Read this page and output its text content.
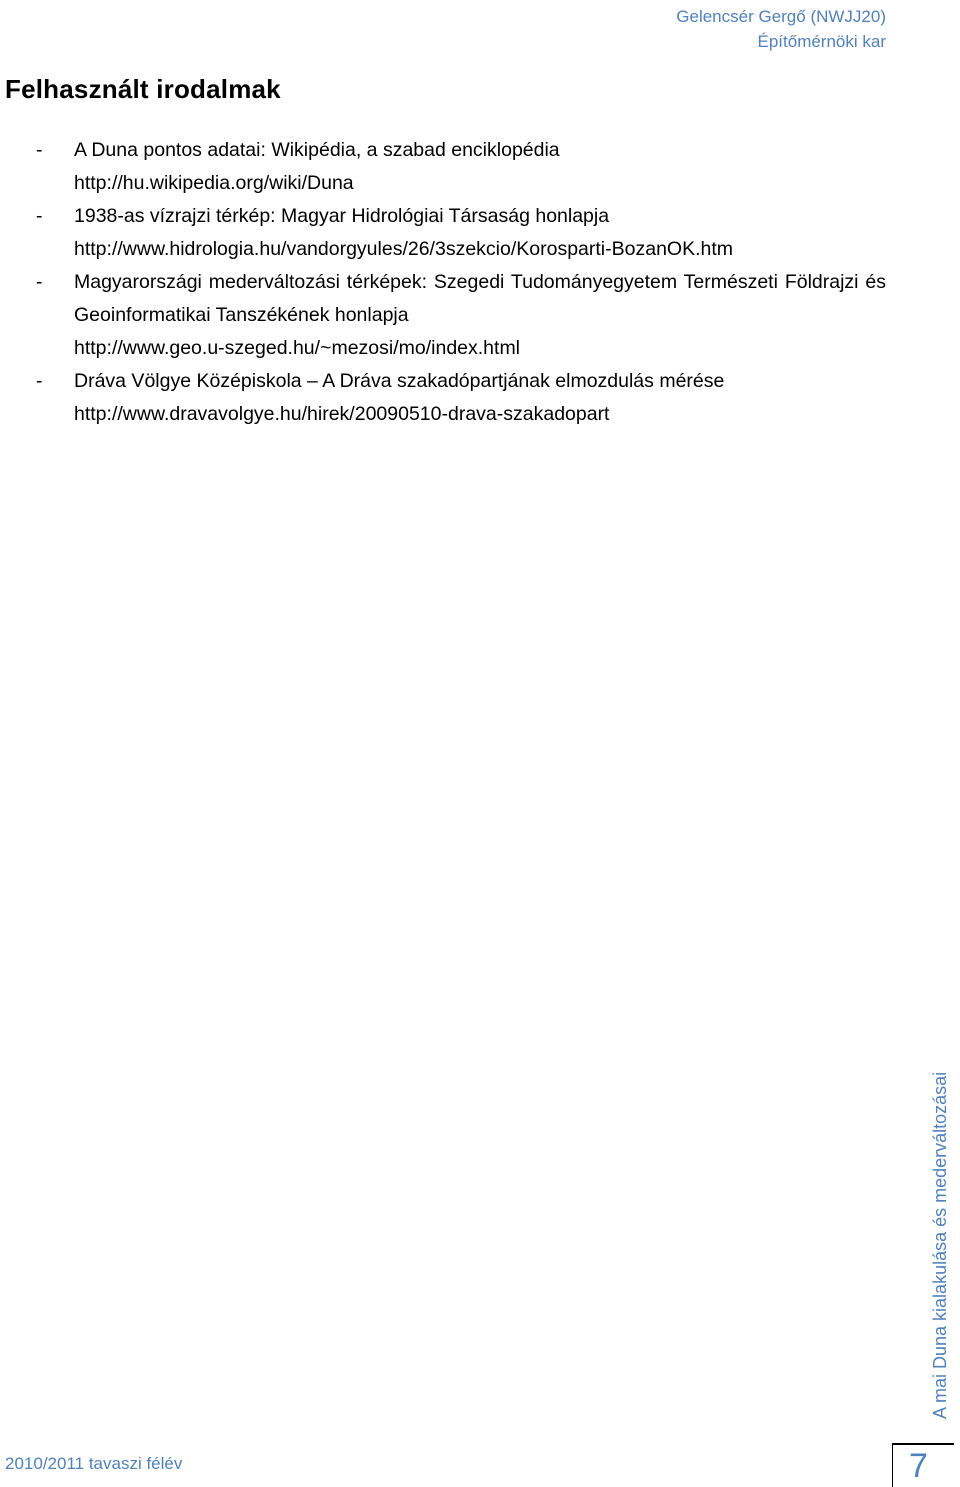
Gelencsér Gergő (NWJJ20)
Építőmérnöki kar
Felhasznált irodalmak
- A Duna pontos adatai: Wikipédia, a szabad enciklopédia
http://hu.wikipedia.org/wiki/Duna
- 1938-as vízrajzi térkép: Magyar Hidrológiai Társaság honlapja
http://www.hidrologia.hu/vandorgyules/26/3szekcio/Korosparti-BozanOK.htm
- Magyarországi mederváltozási térképek: Szegedi Tudományegyetem Természeti Földrajzi és Geoinformatikai Tanszékének honlapja
http://www.geo.u-szeged.hu/~mezosi/mo/index.html
- Dráva Völgye Középiskola – A Dráva szakadópartjának elmozdulás mérése
http://www.dravavolgye.hu/hirek/20090510-drava-szakadopart
2010/2011 tavaszi félév
A mai Duna kialakulása és mederváltozásai
7
